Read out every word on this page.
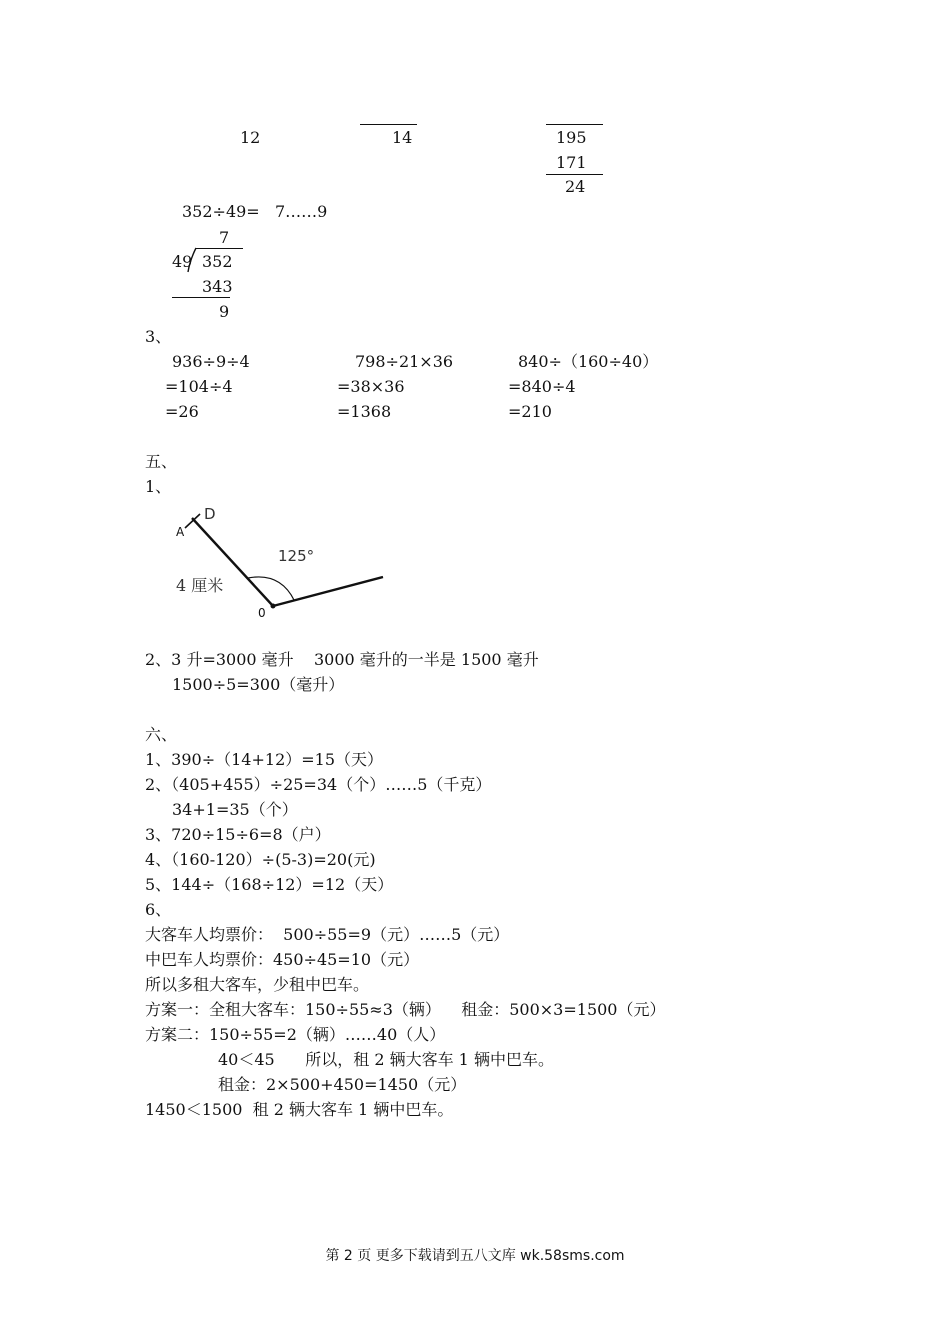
12	14	195
171
24
352÷49=   7……9
7
49 352
343
9
3、
936÷9÷4
=104÷4
=26
798÷21×36
=38×36
=1368
840÷（160÷40）
=840÷4
=210
五、
1、
A
D
125°
4 厘米
0
2、3 升=3000 毫升    3000 毫升的一半是 1500 毫升
1500÷5=300（毫升）
六、
1、390÷（14+12）=15（天）
2、（405+455）÷25=34（个）……5（千克）
34+1=35（个）
3、720÷15÷6=8（户）
4、（160-120）÷(5-3)=20(元)
5、144÷（168÷12）=12（天）
6、
大客车人均票价：  500÷55=9（元）……5（元）
中巴车人均票价：450÷45=10（元）
所以多租大客车，少租中巴车。
方案一：全租大客车：150÷55≈3（辆）    租金：500×3=1500（元）
方案二：150÷55=2（辆）……40（人）
40＜45      所以，租 2 辆大客车 1 辆中巴车。
租金：2×500+450=1450（元）
1450＜1500  租 2 辆大客车 1 辆中巴车。
第 2 页 更多下载请到五八文库 wk.58sms.com
